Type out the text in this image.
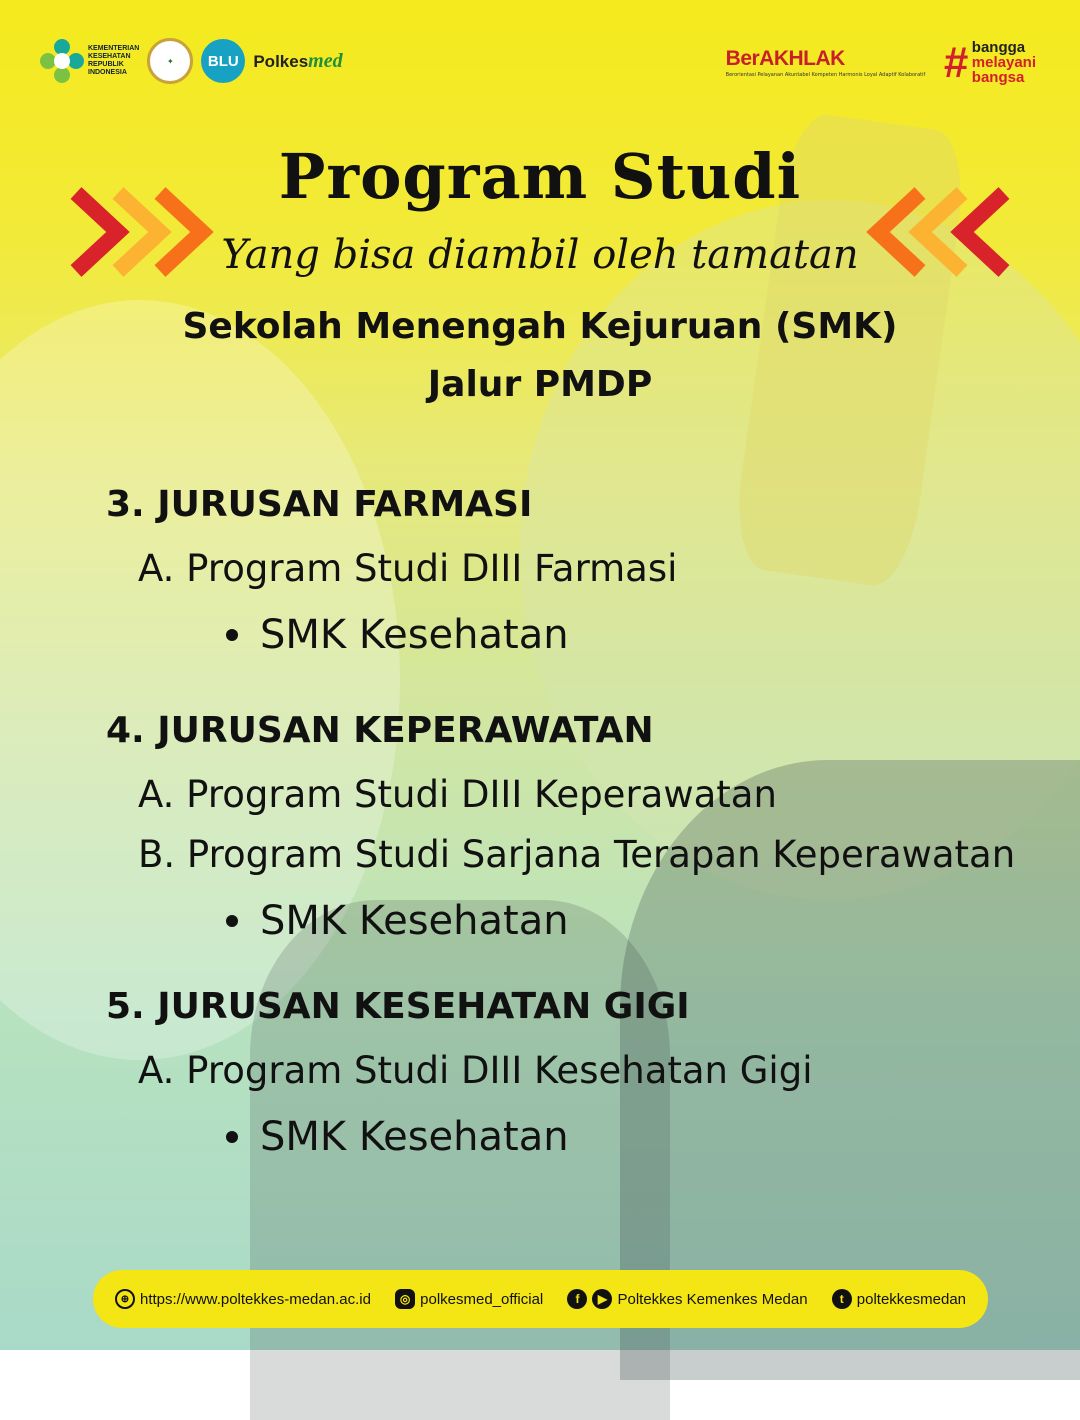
KEMENTERIAN
KESEHATAN
REPUBLIK
INDONESIA
✦	BLU Polkesmed	BerAKHLAK
Berorientasi Pelayanan Akuntabel Kompeten Harmonis Loyal Adaptif Kolaboratif # bangga
melayani
bangsa
Program Studi
Yang bisa diambil oleh tamatan
Sekolah Menengah Kejuruan (SMK)
Jalur PMDP
3. JURUSAN FARMASI
A. Program Studi DIII Farmasi
SMK Kesehatan
4. JURUSAN KEPERAWATAN
A. Program Studi DIII Keperawatan
B. Program Studi Sarjana Terapan Keperawatan
SMK Kesehatan
5. JURUSAN KESEHATAN GIGI
A. Program Studi DIII Kesehatan Gigi
SMK Kesehatan
⊕ https://www.poltekkes-medan.ac.id	◎ polkesmed_official	f	▶ Poltekkes Kemenkes Medan	t poltekkesmedan
